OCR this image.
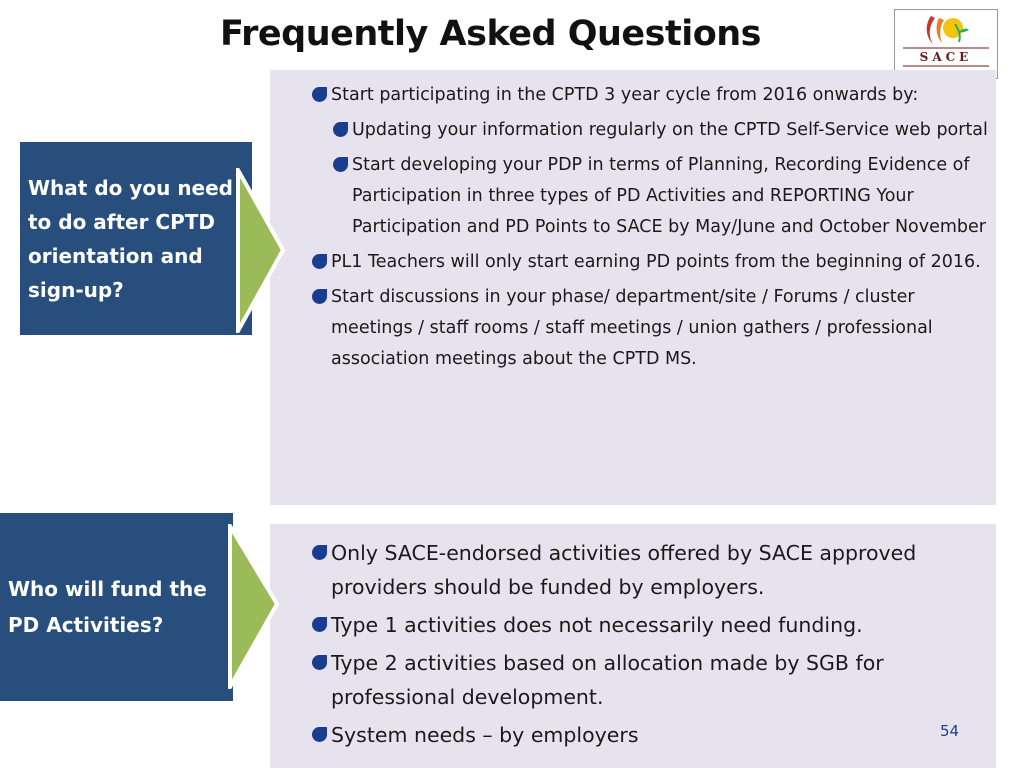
Frequently Asked Questions
SACE
What do you need to do after CPTD orientation and sign-up?
Who will fund the PD Activities?
Start participating in the CPTD 3 year cycle from 2016 onwards by:
Updating your information regularly on the CPTD Self-Service web portal
Start developing your PDP in terms of Planning, Recording Evidence of Participation in three types of PD Activities and REPORTING Your Participation and PD Points to SACE by May/June and October November
PL1 Teachers will only start earning PD points from the beginning of 2016.
Start discussions in your phase/ department/site / Forums / cluster meetings / staff rooms / staff meetings / union gathers / professional association meetings about the CPTD MS.
Only SACE-endorsed activities offered by SACE approved providers should be funded by employers.
Type 1 activities does not necessarily need funding.
Type 2 activities based on allocation made by SGB for professional development.
System needs – by employers	54
